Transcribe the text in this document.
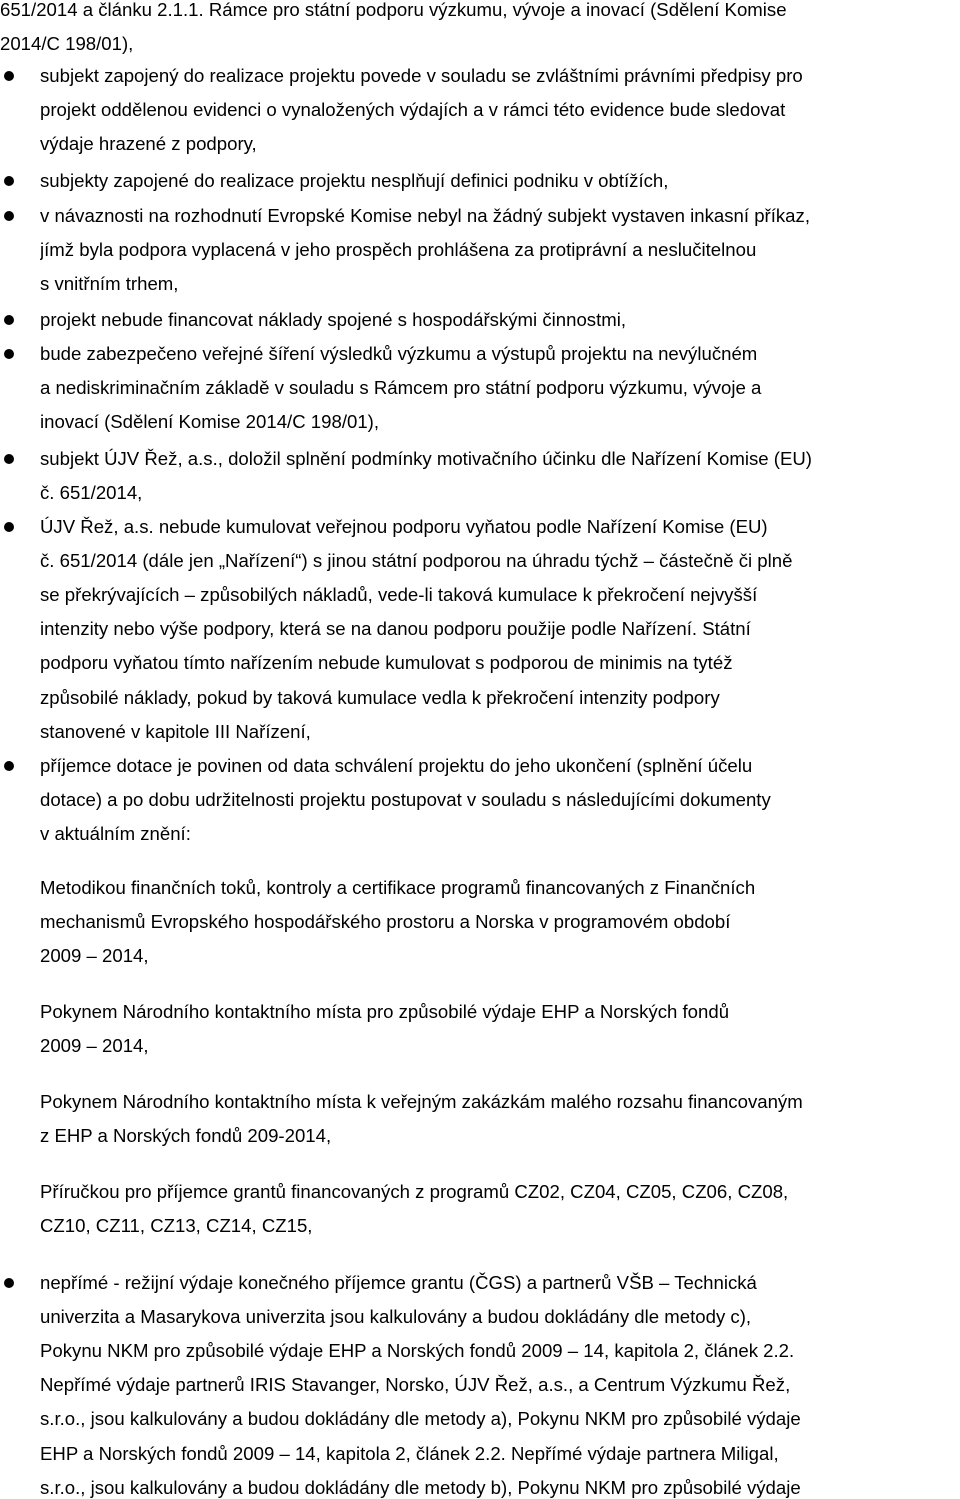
651/2014 a článku 2.1.1. Rámce pro státní podporu výzkumu, vývoje a inovací (Sdělení Komise
2014/C 198/01),
subjekt zapojený do realizace projektu povede v souladu se zvláštními právními předpisy pro
projekt oddělenou evidenci o vynaložených výdajích a v rámci této evidence bude sledovat
výdaje hrazené z podpory,
subjekty zapojené do realizace projektu nesplňují definici podniku v obtížích,
v návaznosti na rozhodnutí Evropské Komise nebyl na žádný subjekt vystaven inkasní příkaz,
jímž byla podpora vyplacená v jeho prospěch prohlášena za protiprávní a neslučitelnou
s vnitřním trhem,
projekt nebude financovat náklady spojené s hospodářskými činnostmi,
bude zabezpečeno veřejné šíření výsledků výzkumu a výstupů projektu na nevýlučném
a nediskriminačním základě v souladu s Rámcem pro státní podporu výzkumu, vývoje a
inovací (Sdělení Komise 2014/C 198/01),
subjekt ÚJV Řež, a.s., doložil splnění podmínky motivačního účinku dle Nařízení Komise (EU)
č. 651/2014,
ÚJV Řež, a.s. nebude kumulovat veřejnou podporu vyňatou podle Nařízení Komise (EU)
č. 651/2014 (dále jen „Nařízení“) s jinou státní podporou na úhradu týchž – částečně či plně
se překrývajících – způsobilých nákladů, vede-li taková kumulace k překročení nejvyšší
intenzity nebo výše podpory, která se na danou podporu použije podle Nařízení. Státní
podporu vyňatou tímto nařízením nebude kumulovat s podporou de minimis na tytéž
způsobilé náklady, pokud by taková kumulace vedla k překročení intenzity podpory
stanovené v kapitole III Nařízení,
příjemce dotace je povinen od data schválení projektu do jeho ukončení (splnění účelu
dotace) a po dobu udržitelnosti projektu postupovat v souladu s následujícími dokumenty
v aktuálním znění:
Metodikou finančních toků, kontroly a certifikace programů financovaných z Finančních
mechanismů Evropského hospodářského prostoru a Norska v programovém období
2009 – 2014,
Pokynem Národního kontaktního místa pro způsobilé výdaje EHP a Norských fondů
2009 – 2014,
Pokynem Národního kontaktního místa k veřejným zakázkám malého rozsahu financovaným
z EHP a Norských fondů 209-2014,
Příručkou pro příjemce grantů financovaných z programů CZ02, CZ04, CZ05, CZ06, CZ08,
CZ10, CZ11, CZ13, CZ14, CZ15,
nepřímé - režijní výdaje konečného příjemce grantu (ČGS) a partnerů VŠB – Technická
univerzita a Masarykova univerzita jsou kalkulovány a budou dokládány dle metody c),
Pokynu NKM pro způsobilé výdaje EHP a Norských fondů 2009 – 14, kapitola 2, článek 2.2.
Nepřímé výdaje partnerů IRIS Stavanger, Norsko, ÚJV Řež, a.s., a Centrum Výzkumu Řež,
s.r.o., jsou kalkulovány a budou dokládány dle metody a), Pokynu NKM pro způsobilé výdaje
EHP a Norských fondů 2009 – 14, kapitola 2, článek 2.2. Nepřímé výdaje partnera Miligal,
s.r.o., jsou kalkulovány a budou dokládány dle metody b), Pokynu NKM pro způsobilé výdaje
